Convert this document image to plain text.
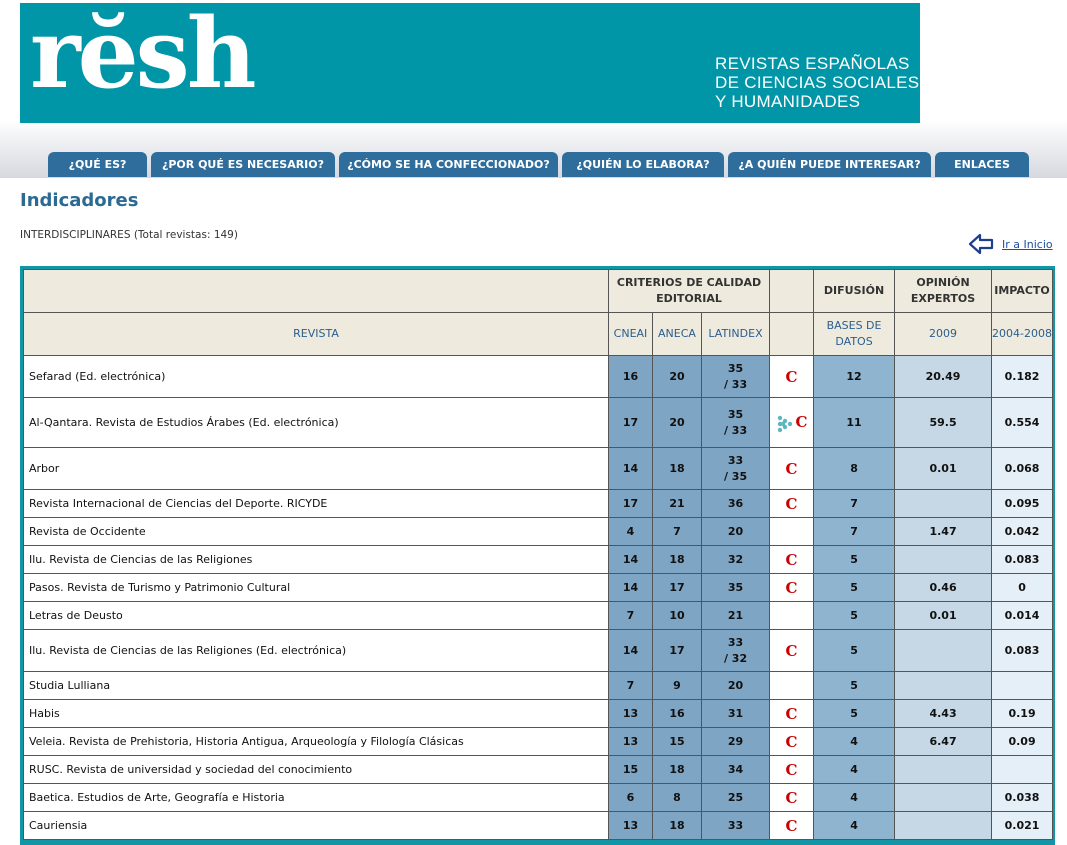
rĕsh	REVISTAS ESPAÑOLAS
DE CIENCIAS SOCIALES
Y HUMANIDADES
¿QUÉ ES?	¿POR QUÉ ES NECESARIO?	¿CÓMO SE HA CONFECCIONADO?	¿QUIÉN LO ELABORA?	¿A QUIÉN PUEDE INTERESAR?	ENLACES
Indicadores
INTERDISCIPLINARES (Total revistas: 149)
Ir a Inicio
	CRITERIOS DE CALIDAD EDITORIAL				DIFUSIÓN	OPINIÓN EXPERTOS	IMPACTO
REVISTA	CNEAI	ANECA	LATINDEX		BASES DE DATOS	2009	2004-2008
Sefarad (Ed. electrónica)	16	20	35
/ 33	C	12	20.49	0.182
Al-Qantara. Revista de Estudios Árabes (Ed. electrónica)	17	20	35
/ 33	C	11	59.5	0.554
Arbor	14	18	33
/ 35	C	8	0.01	0.068
Revista Internacional de Ciencias del Deporte. RICYDE	17	21	36	C	7		0.095
Revista de Occidente	4	7	20		7	1.47	0.042
Ilu. Revista de Ciencias de las Religiones	14	18	32	C	5		0.083
Pasos. Revista de Turismo y Patrimonio Cultural	14	17	35	C	5	0.46	0
Letras de Deusto	7	10	21		5	0.01	0.014
Ilu. Revista de Ciencias de las Religiones (Ed. electrónica)	14	17	33
/ 32	C	5		0.083
Studia Lulliana	7	9	20		5		
Habis	13	16	31	C	5	4.43	0.19
Veleia. Revista de Prehistoria, Historia Antigua, Arqueología y Filología Clásicas	13	15	29	C	4	6.47	0.09
RUSC. Revista de universidad y sociedad del conocimiento	15	18	34	C	4		
Baetica. Estudios de Arte, Geografía e Historia	6	8	25	C	4		0.038
Cauriensia	13	18	33	C	4		0.021
